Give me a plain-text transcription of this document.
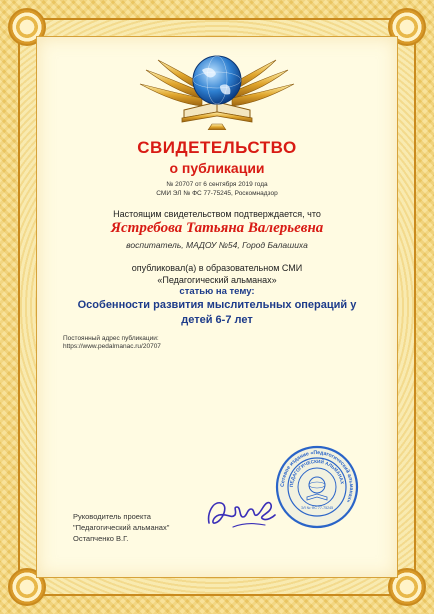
СВИДЕТЕЛЬСТВО
о публикации
№ 20707 от 6 сентября 2019 года
СМИ ЭЛ № ФС 77-75245, Роскомнадзор
Настоящим свидетельством подтверждается, что
Ястребова Татьяна Валерьевна
воспитатель, МАДОУ №54, Город Балашиха
опубликовал(а) в образовательном СМИ
«Педагогический альманах»
статью на тему:
Особенности развития мыслительных операций у детей 6-7 лет
Постоянный адрес публикации:
https://www.pedalmanac.ru/20707
Руководитель проекта
"Педагогический альманах"
Остапченко В.Г.
Сетевое издание «Педагогический альманах»
ПЕДАГОГИЧЕСКИЙ АЛЬМАНАХ
ЭЛ № ФС 77-75245
